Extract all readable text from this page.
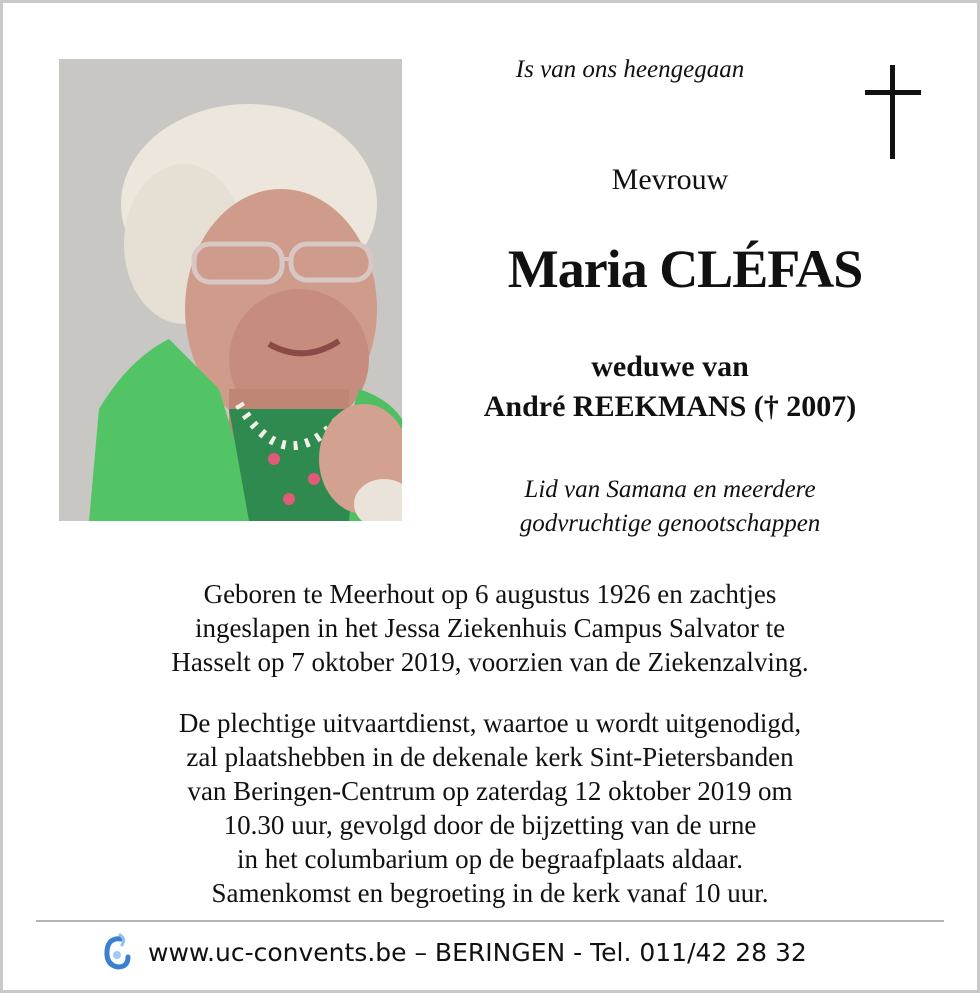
Is van ons heengegaan
Mevrouw
Maria CLÉFAS
weduwe van
André REEKMANS († 2007)
Lid van Samana en meerdere
godvruchtige genootschappen
Geboren te Meerhout op 6 augustus 1926 en zachtjes
ingeslapen in het Jessa Ziekenhuis Campus Salvator te
Hasselt op 7 oktober 2019, voorzien van de Ziekenzalving.
De plechtige uitvaartdienst, waartoe u wordt uitgenodigd,
zal plaatshebben in de dekenale kerk Sint-Pietersbanden
van Beringen-Centrum op zaterdag 12 oktober 2019 om
10.30 uur, gevolgd door de bijzetting van de urne
in het columbarium op de begraafplaats aldaar.
Samenkomst en begroeting in de kerk vanaf 10 uur.
www.uc-convents.be – BERINGEN - Tel. 011/42 28 32
